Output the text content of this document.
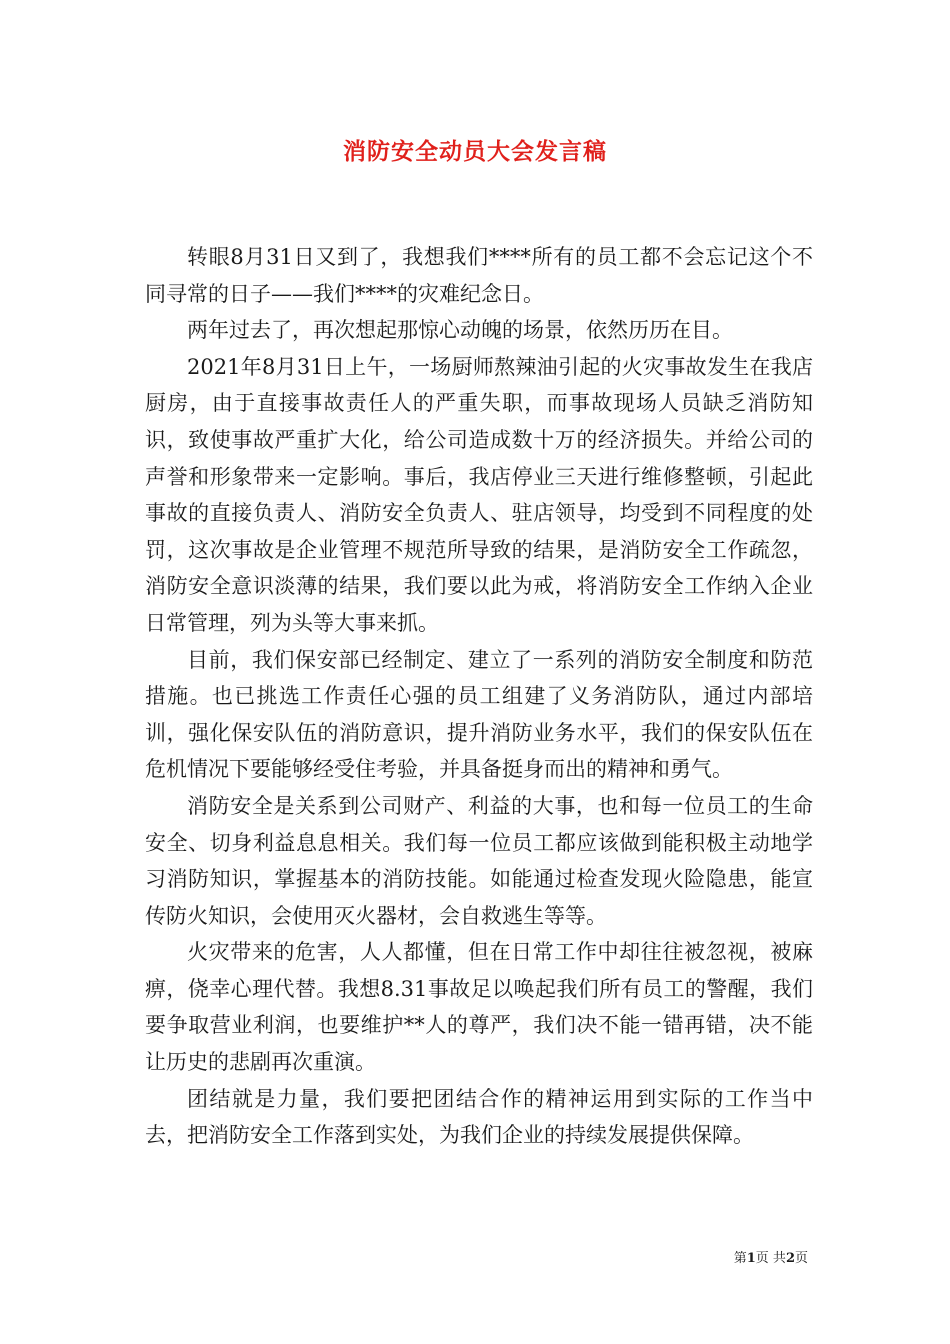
消防安全动员大会发言稿

转眼8月31日又到了，我想我们****所有的员工都不会忘记这个不同寻常的日子——我们****的灾难纪念日。

两年过去了，再次想起那惊心动魄的场景，依然历历在目。

2021年8月31日上午，一场厨师熬辣油引起的火灾事故发生在我店厨房，由于直接事故责任人的严重失职，而事故现场人员缺乏消防知识，致使事故严重扩大化，给公司造成数十万的经济损失。并给公司的声誉和形象带来一定影响。事后，我店停业三天进行维修整顿，引起此事故的直接负责人、消防安全负责人、驻店领导，均受到不同程度的处罚，这次事故是企业管理不规范所导致的结果，是消防安全工作疏忽，消防安全意识淡薄的结果，我们要以此为戒，将消防安全工作纳入企业日常管理，列为头等大事来抓。

目前，我们保安部已经制定、建立了一系列的消防安全制度和防范措施。也已挑选工作责任心强的员工组建了义务消防队，通过内部培训，强化保安队伍的消防意识，提升消防业务水平，我们的保安队伍在危机情况下要能够经受住考验，并具备挺身而出的精神和勇气。

消防安全是关系到公司财产、利益的大事，也和每一位员工的生命安全、切身利益息息相关。我们每一位员工都应该做到能积极主动地学习消防知识，掌握基本的消防技能。如能通过检查发现火险隐患，能宣传防火知识，会使用灭火器材，会自救逃生等等。

火灾带来的危害，人人都懂，但在日常工作中却往往被忽视，被麻痹，侥幸心理代替。我想8.31事故足以唤起我们所有员工的警醒，我们要争取营业利润，也要维护**人的尊严，我们决不能一错再错，决不能让历史的悲剧再次重演。

团结就是力量，我们要把团结合作的精神运用到实际的工作当中去，把消防安全工作落到实处，为我们企业的持续发展提供保障。

第1页 共2页
